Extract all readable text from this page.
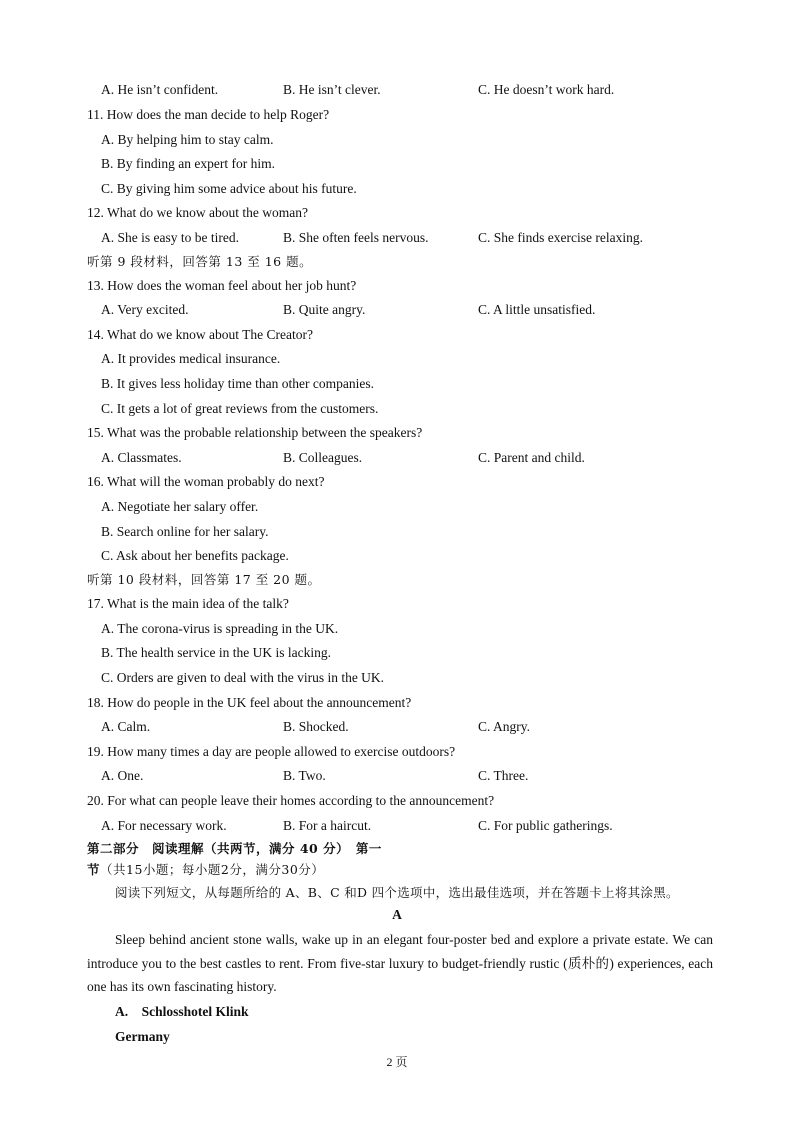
A. He isn’t confident.	B. He isn’t clever.	C. He doesn’t work hard.
11. How does the man decide to help Roger?
A. By helping him to stay calm.
B. By finding an expert for him.
C. By giving him some advice about his future.
12. What do we know about the woman?
A. She is easy to be tired.	B. She often feels nervous.	C. She finds exercise relaxing.
听第 9 段材料，回答第 13 至 16 题。
13. How does the woman feel about her job hunt?
A. Very excited.	B. Quite angry.	C. A little unsatisfied.
14. What do we know about The Creator?
A. It provides medical insurance.
B. It gives less holiday time than other companies.
C. It gets a lot of great reviews from the customers.
15. What was the probable relationship between the speakers?
A. Classmates.	B. Colleagues.	C. Parent and child.
16. What will the woman probably do next?
A. Negotiate her salary offer.
B. Search online for her salary.
C. Ask about her benefits package.
听第 10 段材料，回答第 17 至 20 题。
17. What is the main idea of the talk?
A. The corona-virus is spreading in the UK.
B. The health service in the UK is lacking.
C. Orders are given to deal with the virus in the UK.
18. How do people in the UK feel about the announcement?
A. Calm.	B. Shocked.	C. Angry.
19. How many times a day are people allowed to exercise outdoors?
A. One.	B. Two.	C. Three.
20. For what can people leave their homes according to the announcement?
A. For necessary work.	B. For a haircut.	C. For public gatherings.
第二部分　阅读理解（共两节，满分 40 分）　第一
节（共15小题；每小题2分，满分30分）
阅读下列短文，从每题所给的 A、B、C 和D 四个选项中，选出最佳选项，并在答题卡上将其涂黑。
A
Sleep behind ancient stone walls, wake up in an elegant four-poster bed and explore a private estate. We can introduce you to the best castles to rent. From five-star luxury to budget-friendly rustic (质朴的) experiences, each one has its own fascinating history.
A.　Schlosshotel Klink
Germany
2 页
